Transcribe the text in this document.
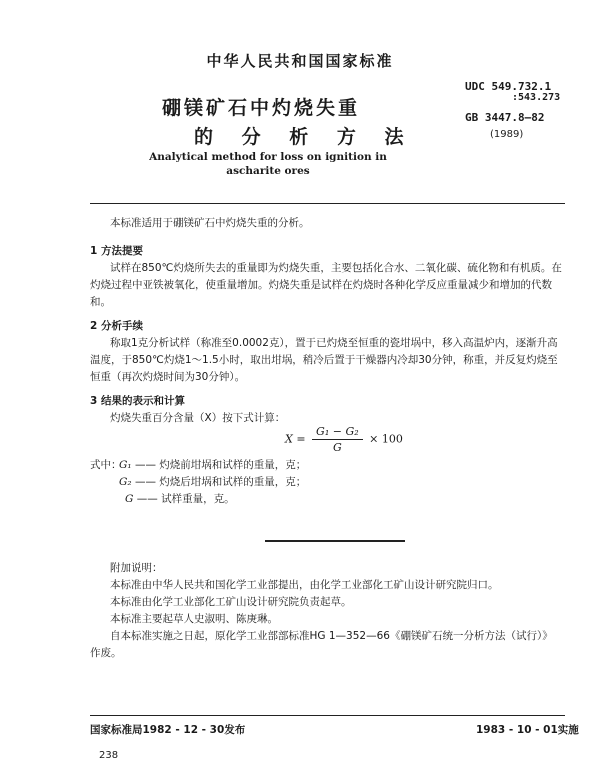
中华人民共和国国家标准
硼镁矿石中灼烧失重
的 分 析 方 法
UDC 549.732.1
:543.273
GB 3447.8—82
(1989)
Analytical method for loss on ignition in
ascharite ores
本标准适用于硼镁矿石中灼烧失重的分析。
1 方法提要
试样在850℃灼烧所失去的重量即为灼烧失重，主要包括化合水、二氧化碳、硫化物和有机质。在灼烧过程中亚铁被氧化，使重量增加。灼烧失重是试样在灼烧时各种化学反应重量减少和增加的代数和。
2 分析手续
称取1克分析试样（称准至0.0002克），置于已灼烧至恒重的瓷坩埚中，移入高温炉内，逐渐升高温度，于850℃灼烧1～1.5小时，取出坩埚，稍冷后置于干燥器内冷却30分钟，称重，并反复灼烧至恒重（再次灼烧时间为30分钟）。
3 结果的表示和计算
灼烧失重百分含量（X）按下式计算：
$X = \frac{\text{G₁ − G₂}}{G} \times 100$
式中：
G₁ —— 灼烧前坩埚和试样的重量，克；
G₂ —— 灼烧后坩埚和试样的重量，克；
G —— 试样重量，克。
附加说明：
本标准由中华人民共和国化学工业部提出，由化学工业部化工矿山设计研究院归口。
本标准由化学工业部化工矿山设计研究院负责起草。
本标准主要起草人史淑明、陈庚琳。
自本标准实施之日起，原化学工业部部标准HG 1—352—66《硼镁矿石统一分析方法（试行）》
作废。
国家标准局1982 - 12 - 30发布	1983 - 10 - 01实施
238
